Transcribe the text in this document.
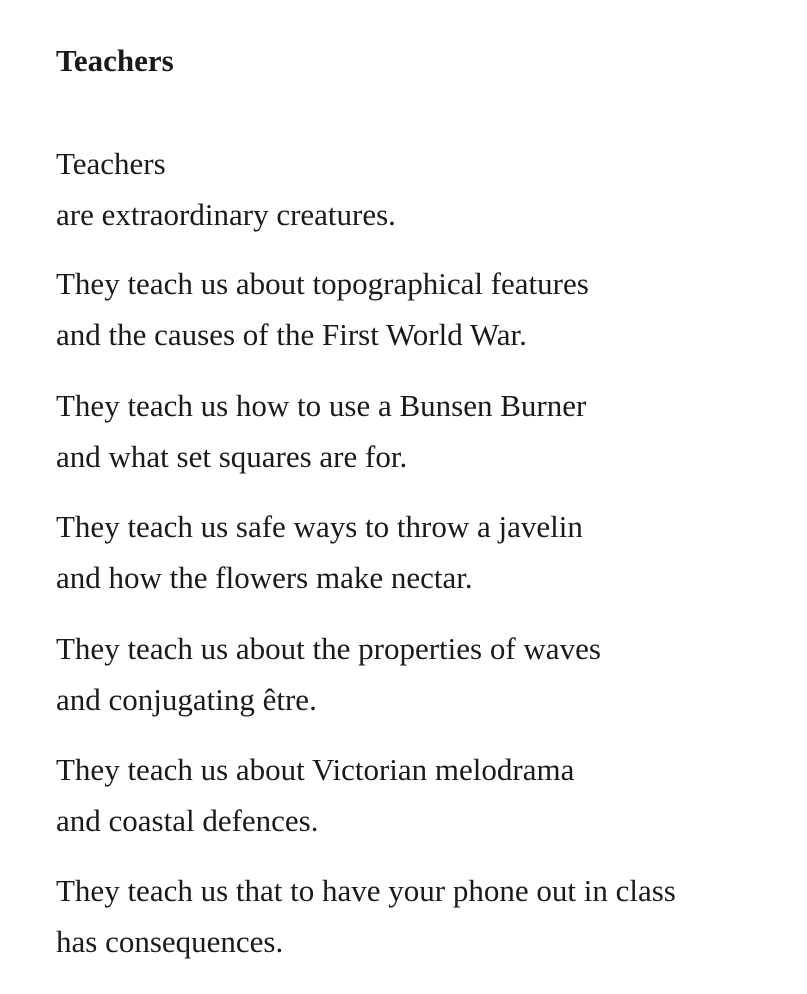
Teachers

Teachers
are extraordinary creatures.

They teach us about topographical features
and the causes of the First World War.

They teach us how to use a Bunsen Burner
and what set squares are for.

They teach us safe ways to throw a javelin
and how the flowers make nectar.

They teach us about the properties of waves
and conjugating être.

They teach us about Victorian melodrama
and coastal defences.

They teach us that to have your phone out in class
has consequences.
